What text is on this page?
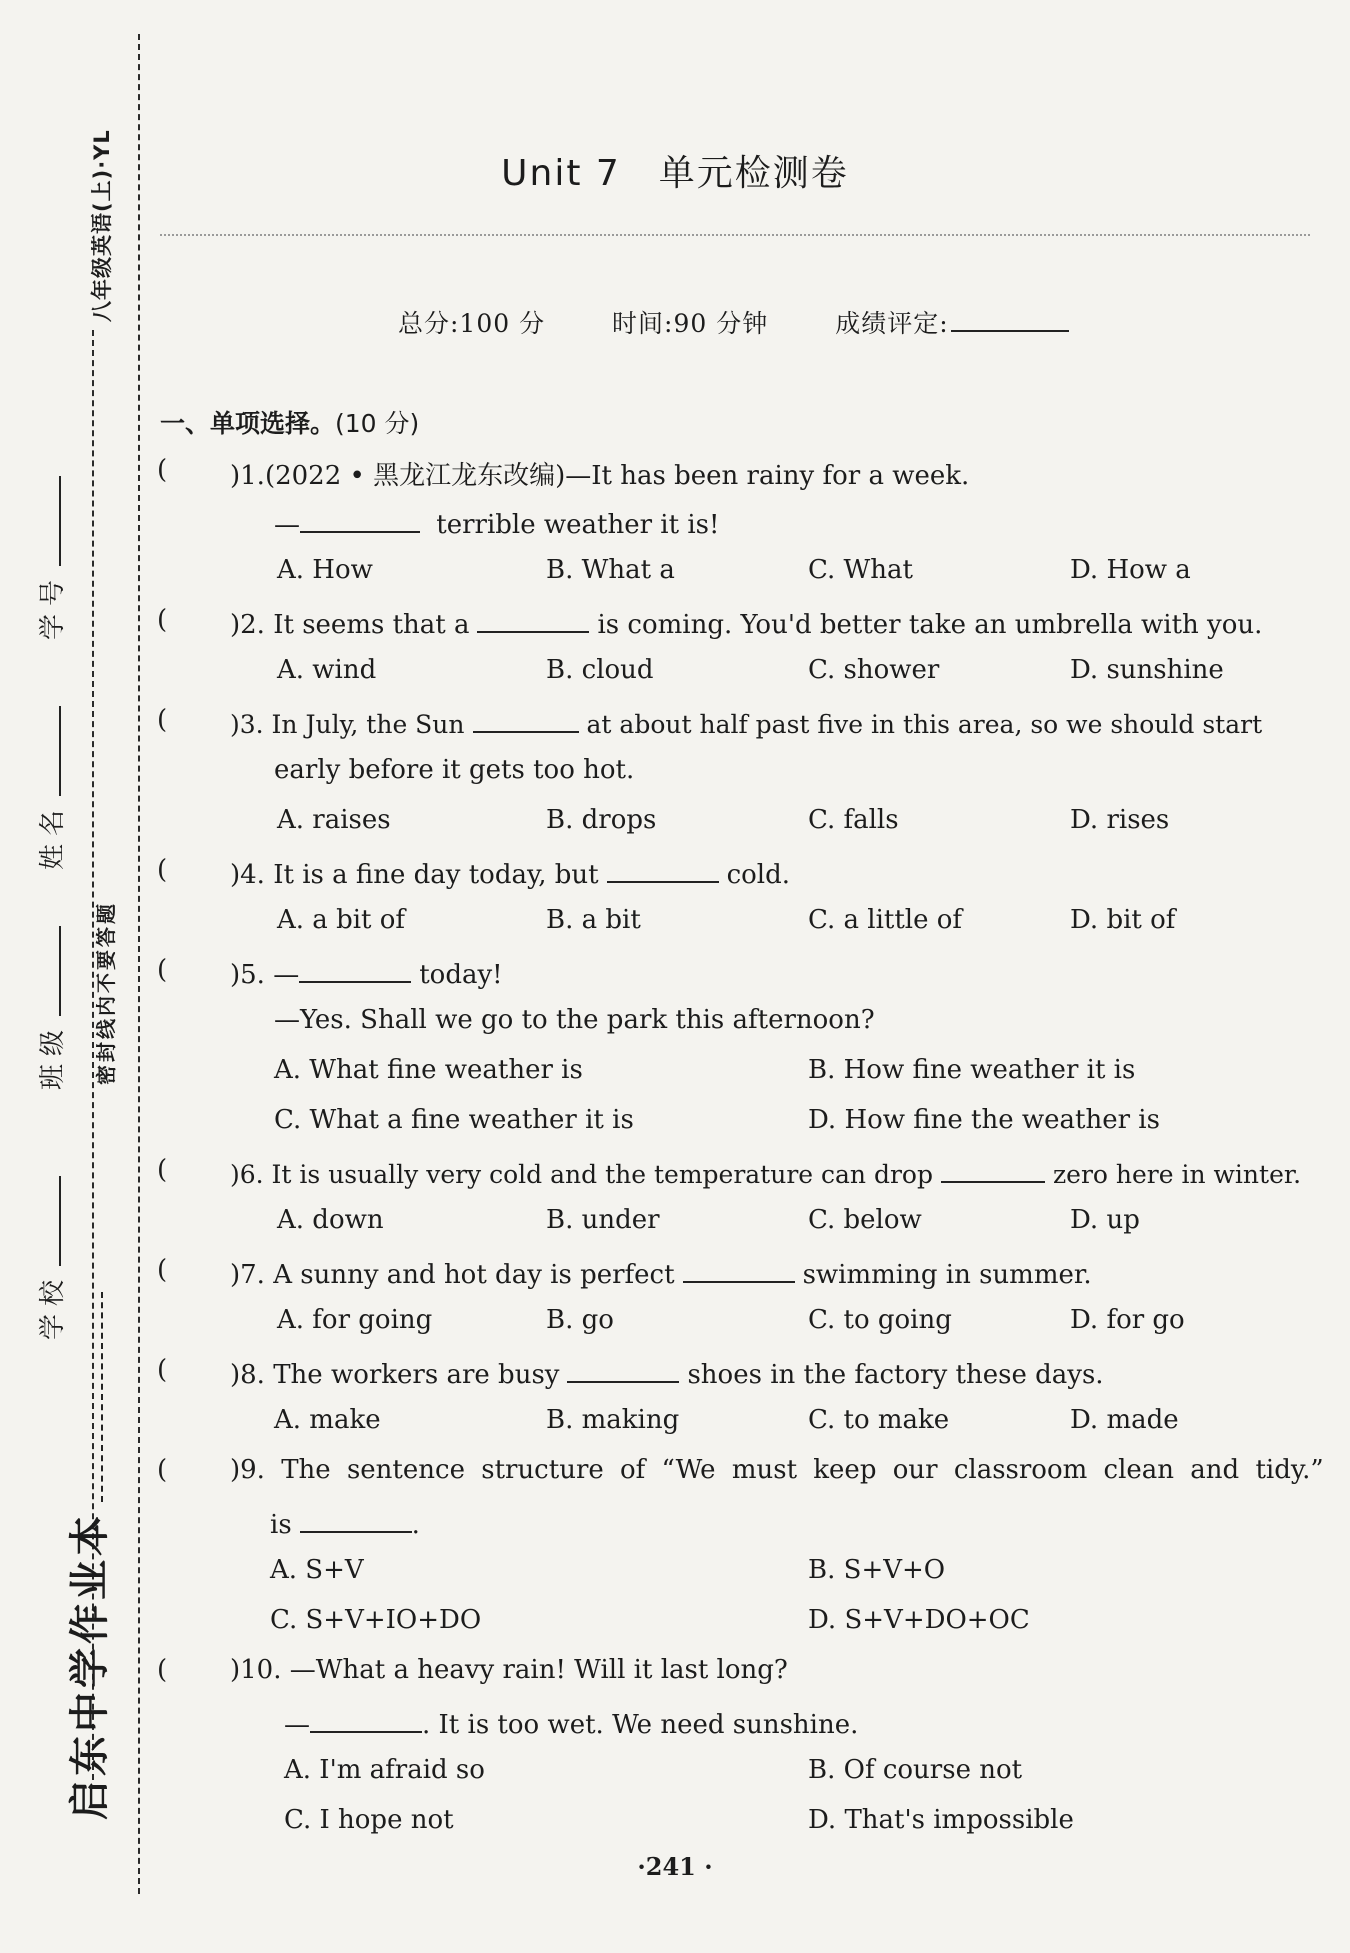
八年级英语(上)·YL
密封线内不要答题
学号
姓名
班级
学校
启东中学作业本
Unit 7　单元检测卷
总分:100 分	时间:90 分钟	成绩评定:
一、单项选择。(10 分)
( )1.(2022 • 黑龙江龙东改编)—It has been rainy for a week.
—	terrible weather it is!
A. How	B. What a	C. What	D. How a
( )2. It seems that a	is coming. You'd better take an umbrella with you.
A. wind	B. cloud	C. shower	D. sunshine
(	)3. In July, the Sun	at about half past five in this area, so we should start
early before it gets too hot.
A. raises	B. drops	C. falls	D. rises
( )4. It is a fine day today, but	cold.
A. a bit of	B. a bit	C. a little of	D. bit of
( )5. —	today!
—Yes. Shall we go to the park this afternoon?
A. What fine weather is	B. How fine weather it is
C. What a fine weather it is	D. How fine the weather is
(	)6. It is usually very cold and the temperature can drop	zero here in winter.
A. down	B. under	C. below	D. up
( )7. A sunny and hot day is perfect	swimming in summer.
A. for going	B. go	C. to going	D. for go
( )8. The workers are busy	shoes in the factory these days.
A. make	B. making	C. to make	D. made
( )9. The sentence structure of “We must keep our classroom clean and tidy.”
is	.
A. S+V	B. S+V+O
C. S+V+IO+DO	D. S+V+DO+OC
( )10. —What a heavy rain! Will it last long?
—	. It is too wet. We need sunshine.
A. I'm afraid so	B. Of course not
C. I hope not	D. That's impossible
·241 ·
